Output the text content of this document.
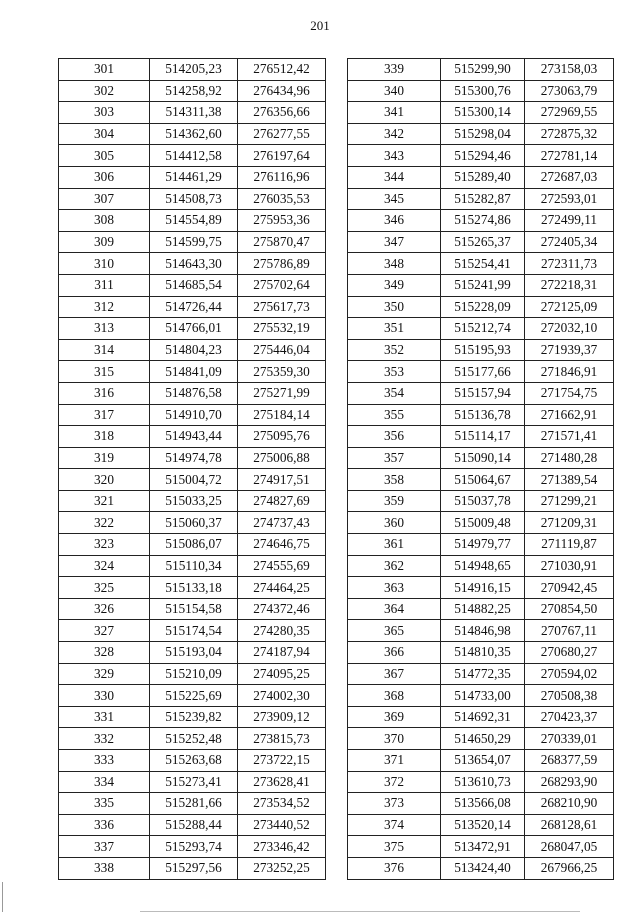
201
301	514205,23	276512,42
302	514258,92	276434,96
303	514311,38	276356,66
304	514362,60	276277,55
305	514412,58	276197,64
306	514461,29	276116,96
307	514508,73	276035,53
308	514554,89	275953,36
309	514599,75	275870,47
310	514643,30	275786,89
311	514685,54	275702,64
312	514726,44	275617,73
313	514766,01	275532,19
314	514804,23	275446,04
315	514841,09	275359,30
316	514876,58	275271,99
317	514910,70	275184,14
318	514943,44	275095,76
319	514974,78	275006,88
320	515004,72	274917,51
321	515033,25	274827,69
322	515060,37	274737,43
323	515086,07	274646,75
324	515110,34	274555,69
325	515133,18	274464,25
326	515154,58	274372,46
327	515174,54	274280,35
328	515193,04	274187,94
329	515210,09	274095,25
330	515225,69	274002,30
331	515239,82	273909,12
332	515252,48	273815,73
333	515263,68	273722,15
334	515273,41	273628,41
335	515281,66	273534,52
336	515288,44	273440,52
337	515293,74	273346,42
338	515297,56	273252,25
339	515299,90	273158,03
340	515300,76	273063,79
341	515300,14	272969,55
342	515298,04	272875,32
343	515294,46	272781,14
344	515289,40	272687,03
345	515282,87	272593,01
346	515274,86	272499,11
347	515265,37	272405,34
348	515254,41	272311,73
349	515241,99	272218,31
350	515228,09	272125,09
351	515212,74	272032,10
352	515195,93	271939,37
353	515177,66	271846,91
354	515157,94	271754,75
355	515136,78	271662,91
356	515114,17	271571,41
357	515090,14	271480,28
358	515064,67	271389,54
359	515037,78	271299,21
360	515009,48	271209,31
361	514979,77	271119,87
362	514948,65	271030,91
363	514916,15	270942,45
364	514882,25	270854,50
365	514846,98	270767,11
366	514810,35	270680,27
367	514772,35	270594,02
368	514733,00	270508,38
369	514692,31	270423,37
370	514650,29	270339,01
371	513654,07	268377,59
372	513610,73	268293,90
373	513566,08	268210,90
374	513520,14	268128,61
375	513472,91	268047,05
376	513424,40	267966,25
